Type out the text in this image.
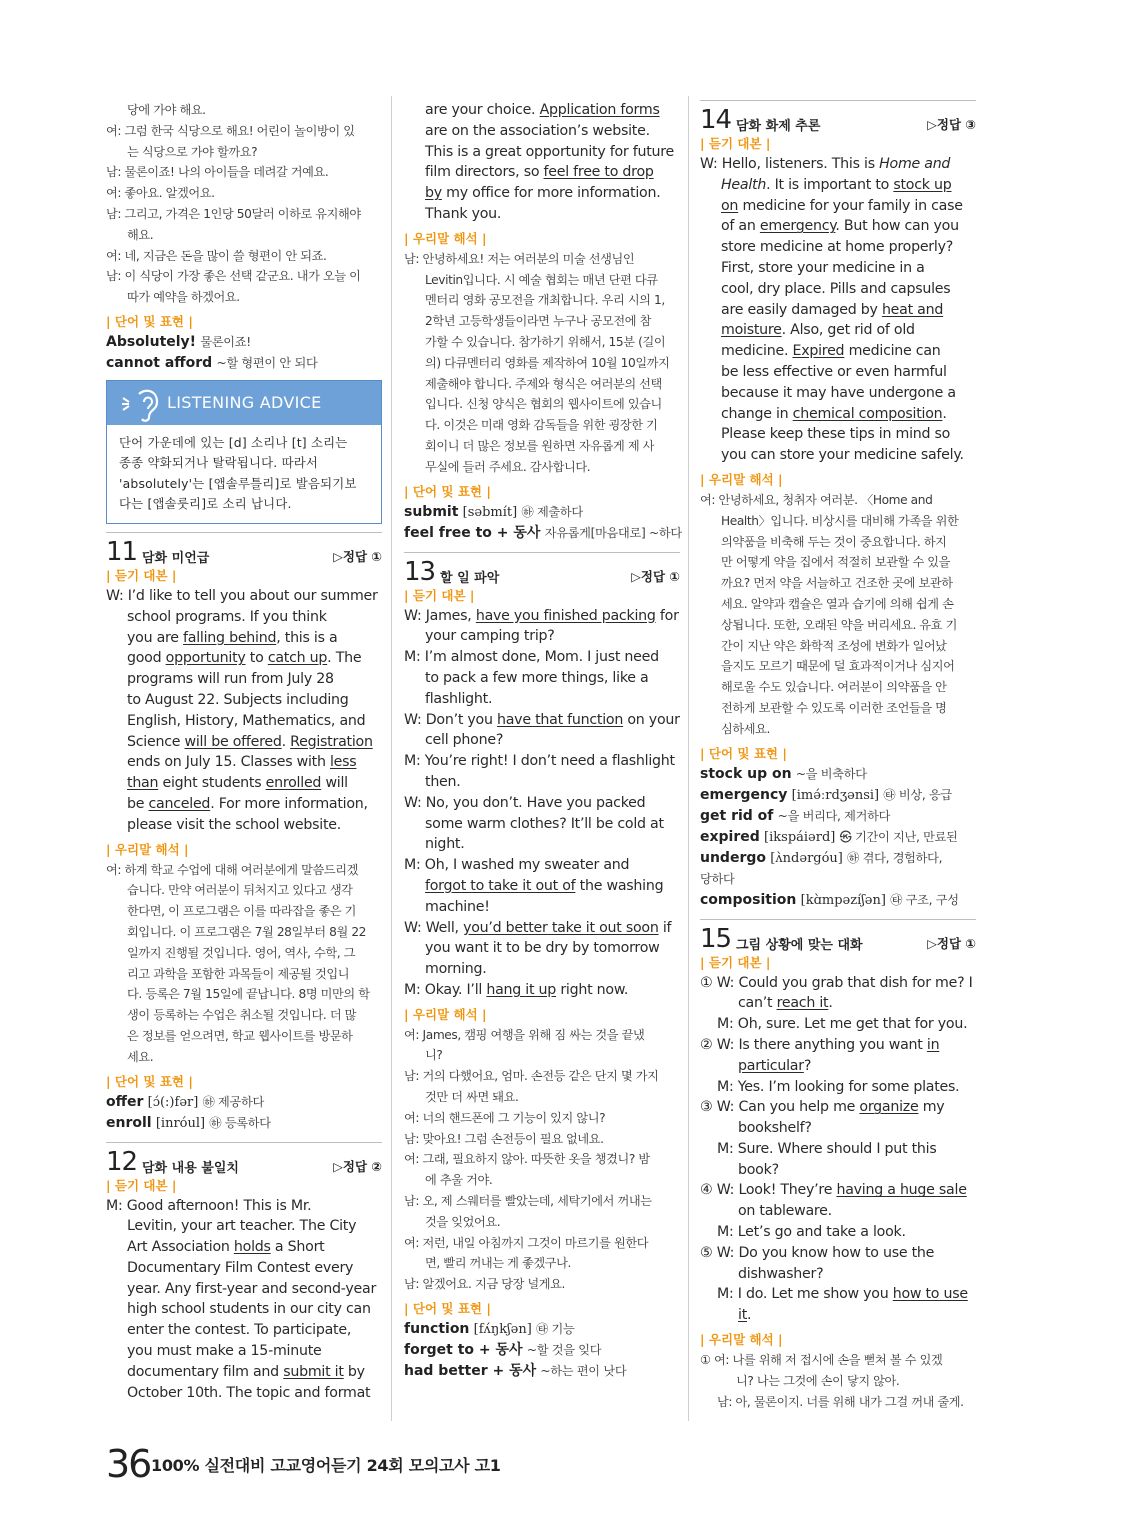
당에 가야 해요.
여: 그럼 한국 식당으로 해요! 어린이 놀이방이 있
는 식당으로 가야 할까요?
남: 물론이죠! 나의 아이들을 데려갈 거예요.
여: 좋아요. 알겠어요.
남: 그리고, 가격은 1인당 50달러 이하로 유지해야
해요.
여: 네, 지금은 돈을 많이 쓸 형편이 안 되죠.
남: 이 식당이 가장 좋은 선택 같군요. 내가 오늘 이
따가 예약을 하겠어요.
| 단어 및 표현 |
Absolutely! 물론이죠!
cannot afford ~할 형편이 안 되다
LISTENING ADVICE
단어 가운데에 있는 [d] 소리나 [t] 소리는
종종 약화되거나 탈락됩니다. 따라서
'absolutely'는 [앱솔루틀리]로 발음되기보
다는 [앱솔룻리]로 소리 납니다.
11 담화 미언급	▷정답 ①
| 듣기 대본 |
W: I’d like to tell you about our summer
school programs. If you think
you are falling behind, this is a
good opportunity to catch up. The
programs will run from July 28
to August 22. Subjects including
English, History, Mathematics, and
Science will be offered. Registration
ends on July 15. Classes with less
than eight students enrolled will
be canceled. For more information,
please visit the school website.
| 우리말 해석 |
여: 하계 학교 수업에 대해 여러분에게 말씀드리겠
습니다. 만약 여러분이 뒤처지고 있다고 생각
한다면, 이 프로그램은 이를 따라잡을 좋은 기
회입니다. 이 프로그램은 7월 28일부터 8월 22
일까지 진행될 것입니다. 영어, 역사, 수학, 그
리고 과학을 포함한 과목들이 제공될 것입니
다. 등록은 7월 15일에 끝납니다. 8명 미만의 학
생이 등록하는 수업은 취소될 것입니다. 더 많
은 정보를 얻으려면, 학교 웹사이트를 방문하
세요.
| 단어 및 표현 |
offer [ɔ́(:)fər] ㉻ 제공하다
enroll [inróul] ㉻ 등록하다
12 담화 내용 불일치	▷정답 ②
| 듣기 대본 |
M: Good afternoon! This is Mr.
Levitin, your art teacher. The City
Art Association holds a Short
Documentary Film Contest every
year. Any first-year and second-year
high school students in our city can
enter the contest. To participate,
you must make a 15-minute
documentary film and submit it by
October 10th. The topic and format
are your choice. Application forms
are on the association’s website.
This is a great opportunity for future
film directors, so feel free to drop
by my office for more information.
Thank you.
| 우리말 해석 |
남: 안녕하세요! 저는 여러분의 미술 선생님인
Levitin입니다. 시 예술 협회는 매년 단편 다큐
멘터리 영화 공모전을 개최합니다. 우리 시의 1,
2학년 고등학생들이라면 누구나 공모전에 참
가할 수 있습니다. 참가하기 위해서, 15분 (길이
의) 다큐멘터리 영화를 제작하여 10월 10일까지
제출해야 합니다. 주제와 형식은 여러분의 선택
입니다. 신청 양식은 협회의 웹사이트에 있습니
다. 이것은 미래 영화 감독들을 위한 굉장한 기
회이니 더 많은 정보를 원하면 자유롭게 제 사
무실에 들러 주세요. 감사합니다.
| 단어 및 표현 |
submit [səbmít] ㉻ 제출하다
feel free to + 동사 자유롭게[마음대로] ~하다
13 할 일 파악	▷정답 ①
| 듣기 대본 |
W: James, have you finished packing for
your camping trip?
M: I’m almost done, Mom. I just need
to pack a few more things, like a
flashlight.
W: Don’t you have that function on your
cell phone?
M: You’re right! I don’t need a flashlight
then.
W: No, you don’t. Have you packed
some warm clothes? It’ll be cold at
night.
M: Oh, I washed my sweater and
forgot to take it out of the washing
machine!
W: Well, you’d better take it out soon if
you want it to be dry by tomorrow
morning.
M: Okay. I’ll hang it up right now.
| 우리말 해석 |
여: James, 캠핑 여행을 위해 짐 싸는 것을 끝냈
니?
남: 거의 다했어요, 엄마. 손전등 같은 단지 몇 가지
것만 더 싸면 돼요.
여: 너의 핸드폰에 그 기능이 있지 않니?
남: 맞아요! 그럼 손전등이 필요 없네요.
여: 그래, 필요하지 않아. 따뜻한 옷을 챙겼니? 밤
에 추울 거야.
남: 오, 제 스웨터를 빨았는데, 세탁기에서 꺼내는
것을 잊었어요.
여: 저런, 내일 아침까지 그것이 마르기를 원한다
면, 빨리 꺼내는 게 좋겠구나.
남: 알겠어요. 지금 당장 널게요.
| 단어 및 표현 |
function [fʌ́ŋkʃən] ㉹ 기능
forget to + 동사 ~할 것을 잊다
had better + 동사 ~하는 편이 낫다
14 담화 화제 추론	▷정답 ③
| 듣기 대본 |
W: Hello, listeners. This is Home and
Health. It is important to stock up
on medicine for your family in case
of an emergency. But how can you
store medicine at home properly?
First, store your medicine in a
cool, dry place. Pills and capsules
are easily damaged by heat and
moisture. Also, get rid of old
medicine. Expired medicine can
be less effective or even harmful
because it may have undergone a
change in chemical composition.
Please keep these tips in mind so
you can store your medicine safely.
| 우리말 해석 |
여: 안녕하세요, 청취자 여러분. 〈Home and
Health〉입니다. 비상시를 대비해 가족을 위한
의약품을 비축해 두는 것이 중요합니다. 하지
만 어떻게 약을 집에서 적절히 보관할 수 있을
까요? 먼저 약을 서늘하고 건조한 곳에 보관하
세요. 알약과 캡슐은 열과 습기에 의해 쉽게 손
상됩니다. 또한, 오래된 약을 버리세요. 유효 기
간이 지난 약은 화학적 조성에 변화가 일어났
을지도 모르기 때문에 덜 효과적이거나 심지어
해로울 수도 있습니다. 여러분이 의약품을 안
전하게 보관할 수 있도록 이러한 조언들을 명
심하세요.
| 단어 및 표현 |
stock up on ~을 비축하다
emergency [imə́ːrdʒənsi] ㉹ 비상, 응급
get rid of ~을 버리다, 제거하다
expired [ikspáiərd] ㉿ 기간이 지난, 만료된
undergo [ʌ̀ndərgóu] ㉻ 겪다, 경험하다,
당하다
composition [kɑ̀mpəzíʃən] ㉹ 구조, 구성
15 그림 상황에 맞는 대화	▷정답 ①
| 듣기 대본 |
① W: Could you grab that dish for me? I
can’t reach it.
M: Oh, sure. Let me get that for you.
② W: Is there anything you want in
particular?
M: Yes. I’m looking for some plates.
③ W: Can you help me organize my
bookshelf?
M: Sure. Where should I put this
book?
④ W: Look! They’re having a huge sale
on tableware.
M: Let’s go and take a look.
⑤ W: Do you know how to use the
dishwasher?
M: I do. Let me show you how to use
it.
| 우리말 해석 |
① 여: 나를 위해 저 접시에 손을 뻗쳐 볼 수 있겠
니? 나는 그것에 손이 닿지 않아.
남: 아, 물론이지. 너를 위해 내가 그걸 꺼내 줄게.
36 100% 실전대비 고교영어듣기 24회 모의고사 고1
